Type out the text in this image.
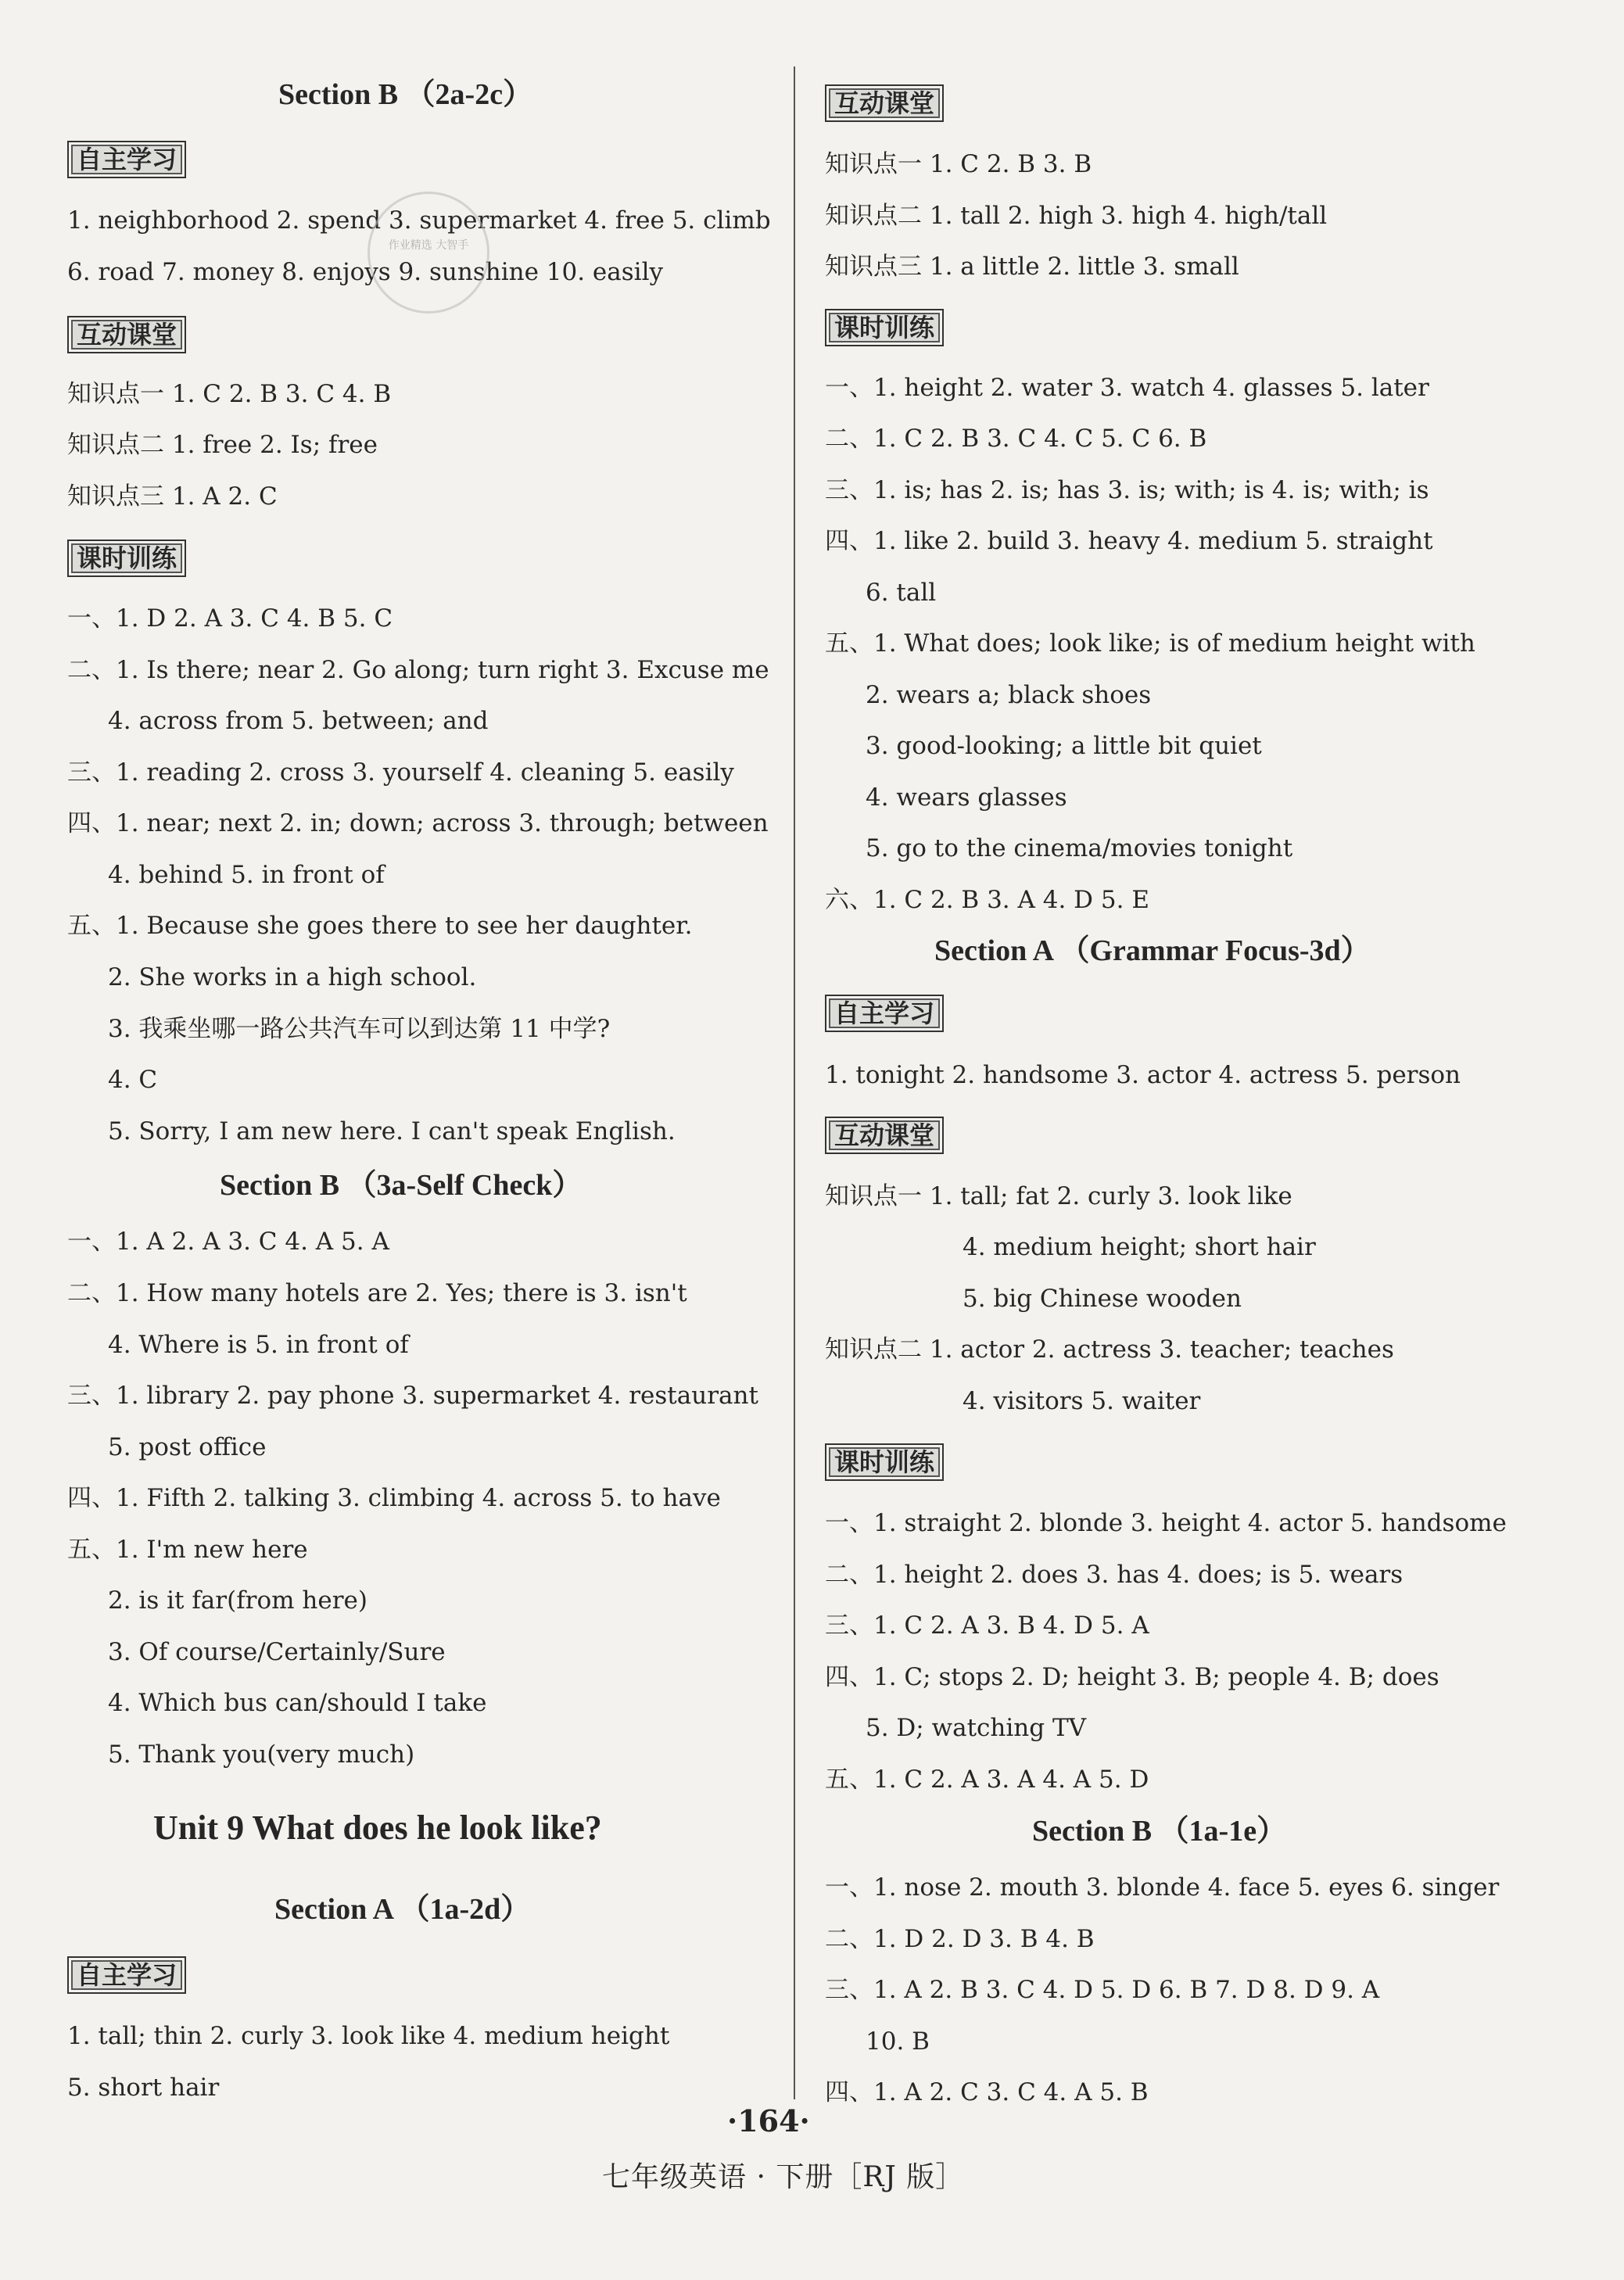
Section B （2a-2c）
自主学习
1. neighborhood 2. spend 3. supermarket 4. free 5. climb
6. road 7. money 8. enjoys 9. sunshine 10. easily
互动课堂
知识点一 1. C 2. B 3. C 4. B
知识点二 1. free 2. Is; free
知识点三 1. A 2. C
课时训练
一、1. D 2. A 3. C 4. B 5. C
二、1. Is there; near 2. Go along; turn right 3. Excuse me
4. across from 5. between; and
三、1. reading 2. cross 3. yourself 4. cleaning 5. easily
四、1. near; next 2. in; down; across 3. through; between
4. behind 5. in front of
五、1. Because she goes there to see her daughter.
2. She works in a high school.
3. 我乘坐哪一路公共汽车可以到达第 11 中学?
4. C
5. Sorry, I am new here. I can't speak English.
Section B （3a-Self Check）
一、1. A 2. A 3. C 4. A 5. A
二、1. How many hotels are 2. Yes; there is 3. isn't
4. Where is 5. in front of
三、1. library 2. pay phone 3. supermarket 4. restaurant
5. post office
四、1. Fifth 2. talking 3. climbing 4. across 5. to have
五、1. I'm new here
2. is it far(from here)
3. Of course/Certainly/Sure
4. Which bus can/should I take
5. Thank you(very much)
Unit 9 What does he look like?
Section A （1a-2d）
自主学习
1. tall; thin 2. curly 3. look like 4. medium height
5. short hair
作业精选 大智手
互动课堂
知识点一 1. C 2. B 3. B
知识点二 1. tall 2. high 3. high 4. high/tall
知识点三 1. a little 2. little 3. small
课时训练
一、1. height 2. water 3. watch 4. glasses 5. later
二、1. C 2. B 3. C 4. C 5. C 6. B
三、1. is; has 2. is; has 3. is; with; is 4. is; with; is
四、1. like 2. build 3. heavy 4. medium 5. straight
6. tall
五、1. What does; look like; is of medium height with
2. wears a; black shoes
3. good-looking; a little bit quiet
4. wears glasses
5. go to the cinema/movies tonight
六、1. C 2. B 3. A 4. D 5. E
Section A （Grammar Focus-3d）
自主学习
1. tonight 2. handsome 3. actor 4. actress 5. person
互动课堂
知识点一 1. tall; fat 2. curly 3. look like
4. medium height; short hair
5. big Chinese wooden
知识点二 1. actor 2. actress 3. teacher; teaches
4. visitors 5. waiter
课时训练
一、1. straight 2. blonde 3. height 4. actor 5. handsome
二、1. height 2. does 3. has 4. does; is 5. wears
三、1. C 2. A 3. B 4. D 5. A
四、1. C; stops 2. D; height 3. B; people 4. B; does
5. D; watching TV
五、1. C 2. A 3. A 4. A 5. D
Section B （1a-1e）
一、1. nose 2. mouth 3. blonde 4. face 5. eyes 6. singer
二、1. D 2. D 3. B 4. B
三、1. A 2. B 3. C 4. D 5. D 6. B 7. D 8. D 9. A
10. B
四、1. A 2. C 3. C 4. A 5. B
·164·
七年级英语 · 下册［RJ 版］
